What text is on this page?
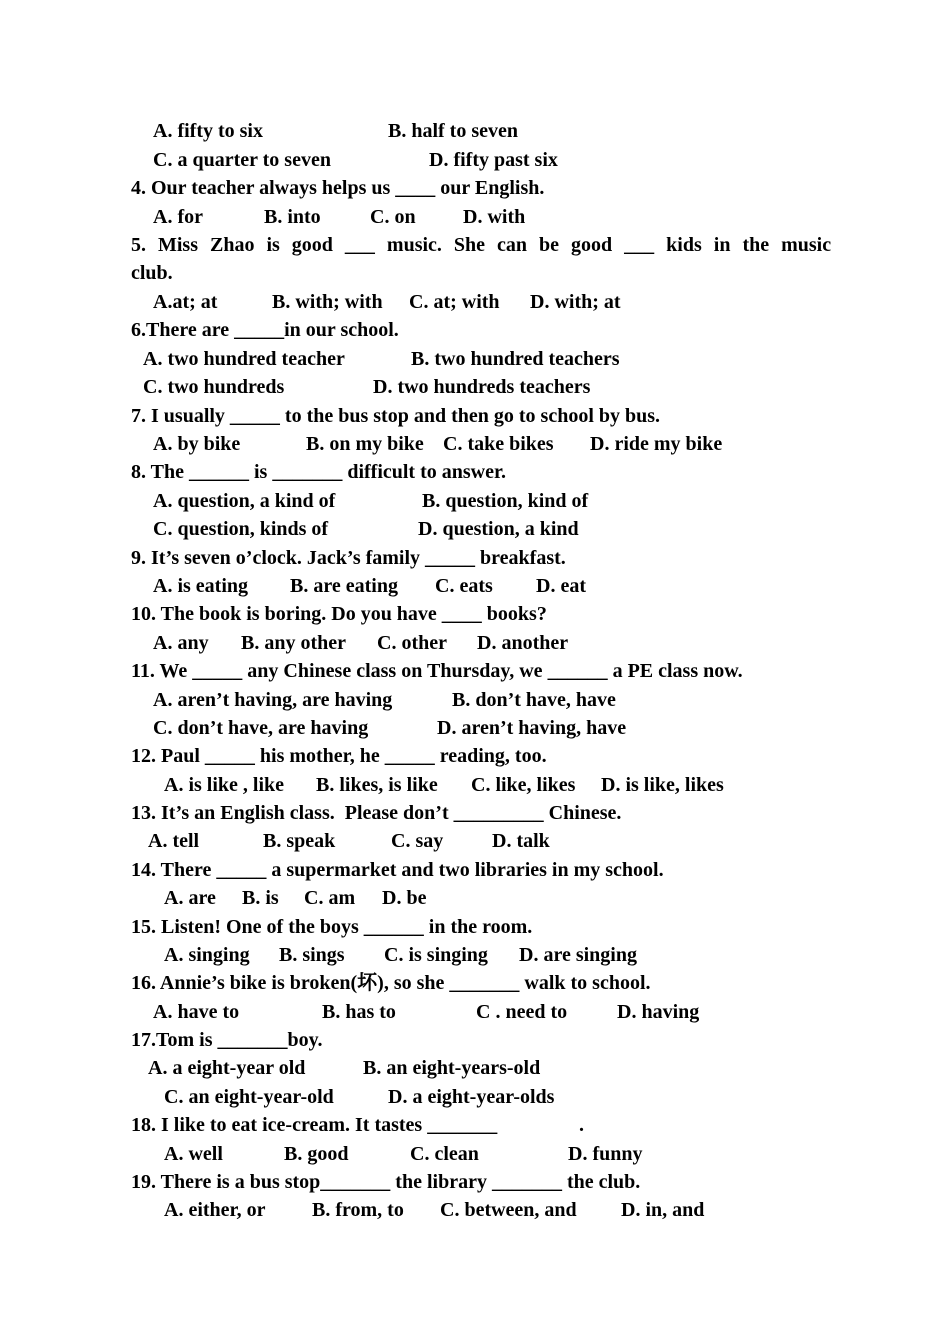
A. fifty to six	B. half to seven
C. a quarter to seven	D. fifty past six
4. Our teacher always helps us ____ our English.
A. for	B. into C. on D. with
5. Miss Zhao is good ___ music. She can be good ___ kids in the music
club.
A.at; at	B. with; with C. at; with D. with; at
6.There are _____in our school.
A. two hundred teacher	B. two hundred teachers
C. two hundreds	D. two hundreds teachers
7. I usually _____ to the bus stop and then go to school by bus.
A. by bike	B. on my bike C. take bikes D. ride my bike
8. The ______ is _______ difficult to answer.
A. question, a kind of	B. question, kind of
C. question, kinds of	D. question, a kind
9. It’s seven o’clock. Jack’s family _____ breakfast.
A. is eating B. are eating C. eats D. eat
10. The book is boring. Do you have ____ books?
A. any B. any other C. other D. another
11. We _____ any Chinese class on Thursday, we ______ a PE class now.
A. aren’t having, are having	B. don’t have, have
C. don’t have, are having	D. aren’t having, have
12. Paul _____ his mother, he _____ reading, too.
A. is like , like B. likes, is like C. like, likes D. is like, likes
13. It’s an English class.  Please don’t _________ Chinese.
A. tell	B. speak	C. say D. talk
14. There _____ a supermarket and two libraries in my school.
A. are B. is C. am D. be
15. Listen! One of the boys ______ in the room.
A. singing B. sings C. is singing D. are singing
16. Annie’s bike is broken(坏), so she _______ walk to school.
A. have to	B. has to	C . need to D. having
17.Tom is _______boy.
A. a eight-year old	B. an eight-years-old
C. an eight-year-old	D. a eight-year-olds
18. I like to eat ice-cream. It tastes _______	.
A. well	B. good	C. clean	D. funny
19. There is a bus stop_______ the library _______ the club.
A. either, or B. from, to C. between, and D. in, and
